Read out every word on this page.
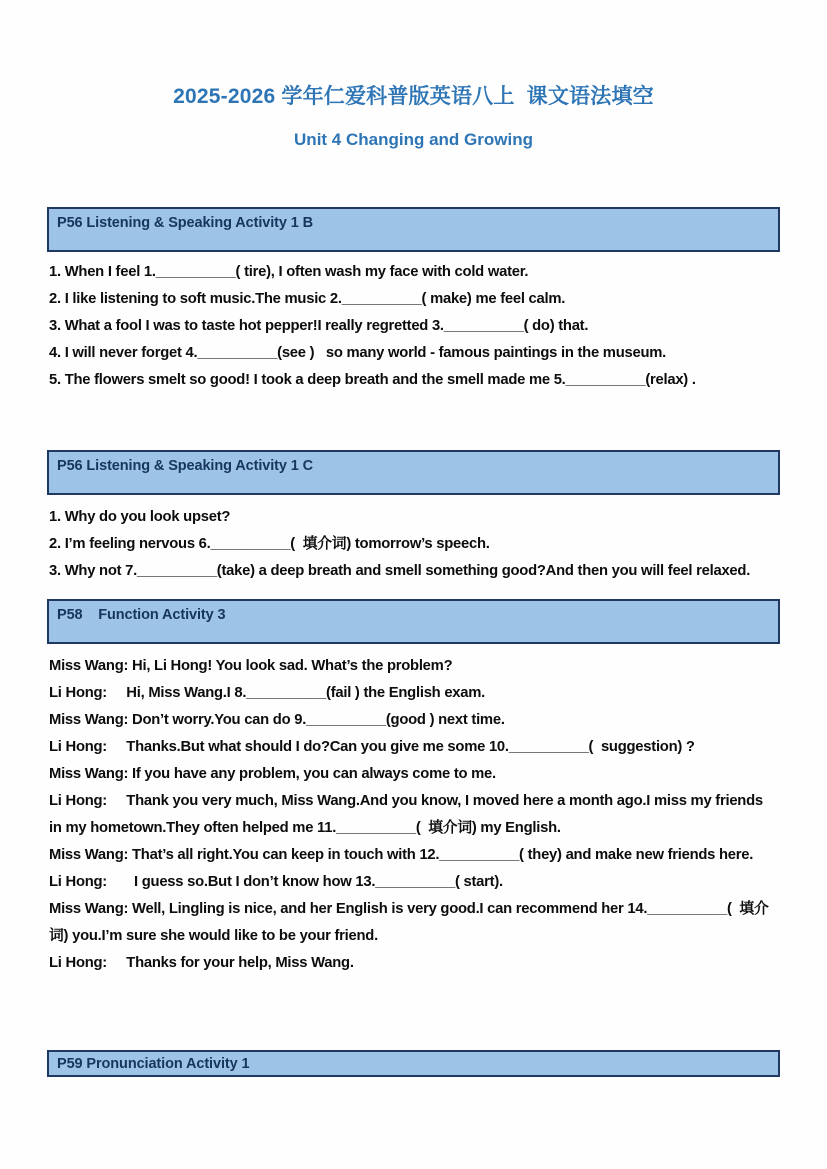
2025-2026 学年仁爱科普版英语八上  课文语法填空
Unit 4 Changing and Growing
P56 Listening & Speaking Activity 1 B
1. When I feel 1.__________( tire), I often wash my face with cold water.
2. I like listening to soft music.The music 2.__________( make) me feel calm.
3. What a fool I was to taste hot pepper!I really regretted 3.__________( do) that.
4. I will never forget 4.__________(see )   so many world - famous paintings in the museum.
5. The flowers smelt so good! I took a deep breath and the smell made me 5.__________(relax) .
P56 Listening & Speaking Activity 1 C
1. Why do you look upset?
2. I’m feeling nervous 6.__________(  填介词) tomorrow’s speech.
3. Why not 7.__________(take) a deep breath and smell something good?And then you will feel relaxed.
P58    Function Activity 3
Miss Wang: Hi, Li Hong! You look sad. What’s the problem?
Li Hong:     Hi, Miss Wang.I 8.__________(fail ) the English exam.
Miss Wang: Don’t worry.You can do 9.__________(good ) next time.
Li Hong:     Thanks.But what should I do?Can you give me some 10.__________(  suggestion) ?
Miss Wang: If you have any problem, you can always come to me.
Li Hong:     Thank you very much, Miss Wang.And you know, I moved here a month ago.I miss my friends
in my hometown.They often helped me 11.__________(  填介词) my English.
Miss Wang: That’s all right.You can keep in touch with 12.__________( they) and make new friends here.
Li Hong:       I guess so.But I don’t know how 13.__________( start).
Miss Wang: Well, Lingling is nice, and her English is very good.I can recommend her 14.__________(  填介
词) you.I’m sure she would like to be your friend.
Li Hong:     Thanks for your help, Miss Wang.
P59 Pronunciation Activity 1
